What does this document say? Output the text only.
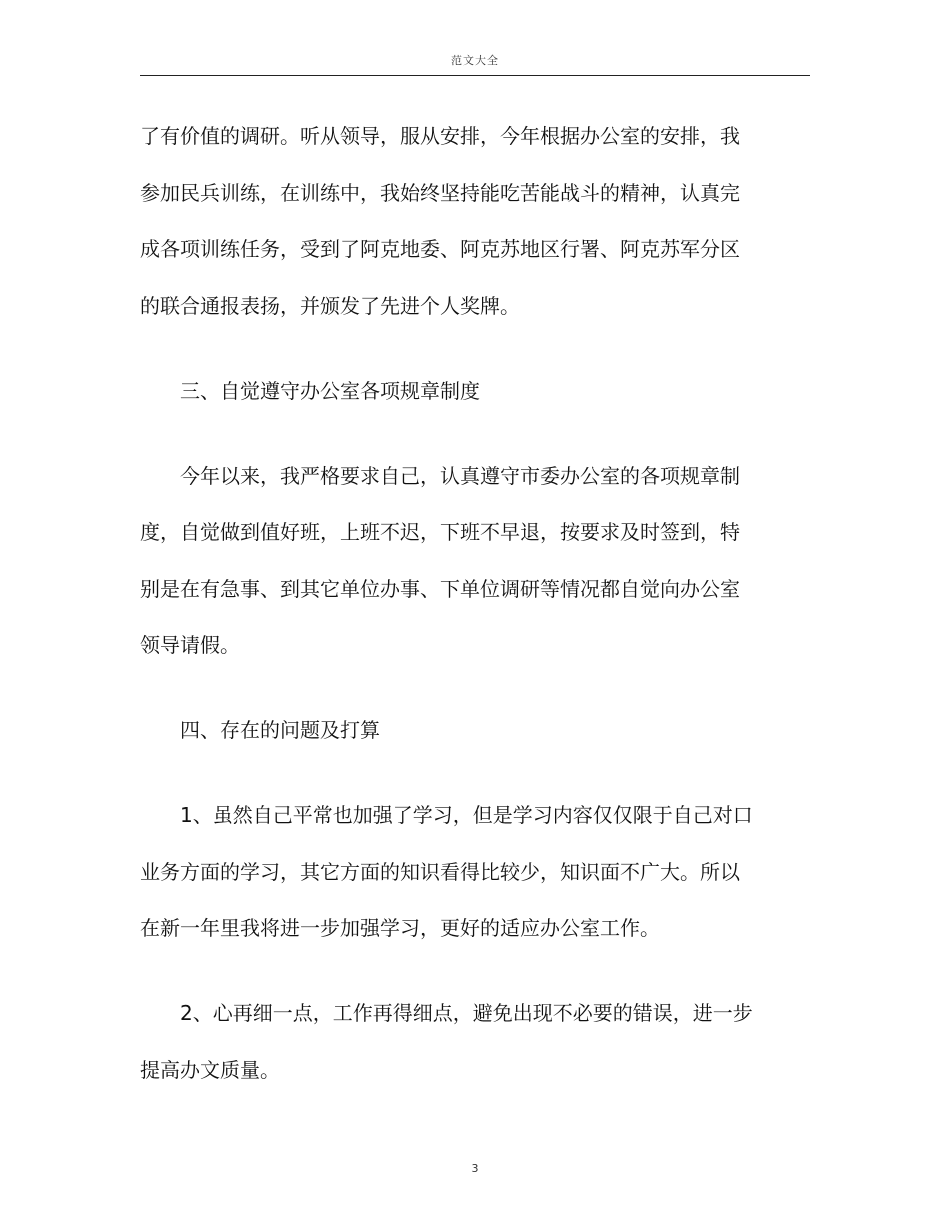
范文大全
了有价值的调研。听从领导，服从安排，今年根据办公室的安排，我
参加民兵训练，在训练中，我始终坚持能吃苦能战斗的精神，认真完
成各项训练任务，受到了阿克地委、阿克苏地区行署、阿克苏军分区
的联合通报表扬，并颁发了先进个人奖牌。
三、自觉遵守办公室各项规章制度
今年以来，我严格要求自己，认真遵守市委办公室的各项规章制
度，自觉做到值好班，上班不迟，下班不早退，按要求及时签到，特
别是在有急事、到其它单位办事、下单位调研等情况都自觉向办公室
领导请假。
四、存在的问题及打算
1、虽然自己平常也加强了学习，但是学习内容仅仅限于自己对口
业务方面的学习，其它方面的知识看得比较少，知识面不广大。所以
在新一年里我将进一步加强学习，更好的适应办公室工作。
2、心再细一点，工作再得细点，避免出现不必要的错误，进一步
提高办文质量。
3
